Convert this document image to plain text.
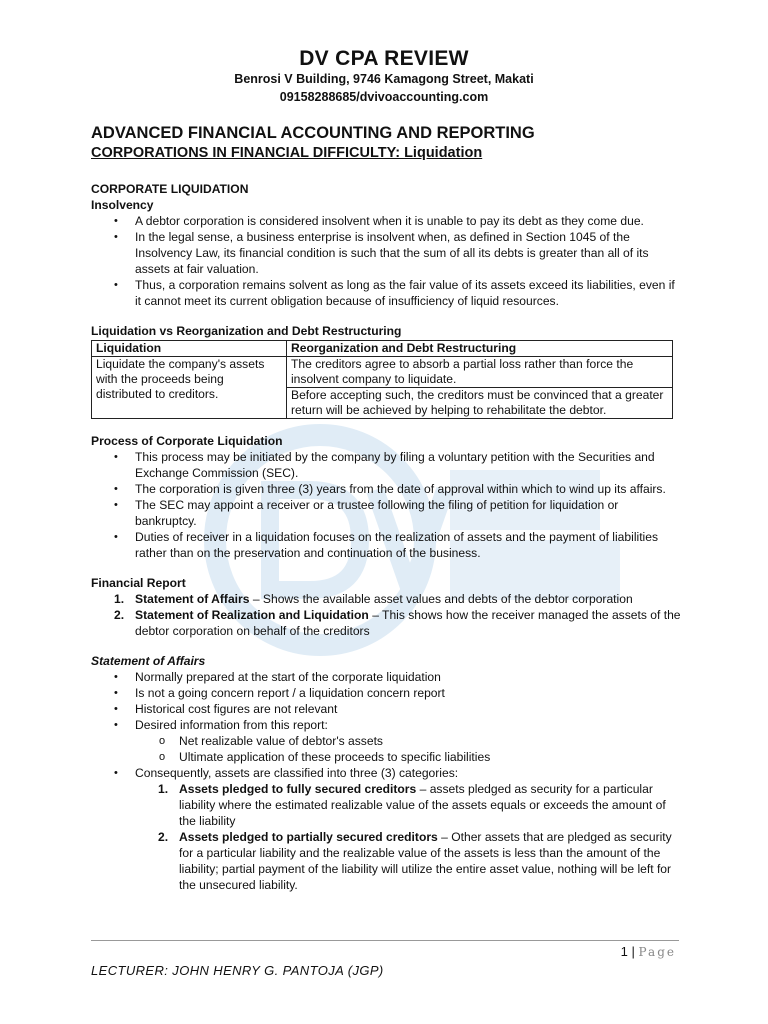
DV CPA REVIEW
Benrosi V Building, 9746 Kamagong Street, Makati
09158288685/dvivoaccounting.com
ADVANCED FINANCIAL ACCOUNTING AND REPORTING
CORPORATIONS IN FINANCIAL DIFFICULTY: Liquidation

CORPORATE LIQUIDATION

Insolvency

• A debtor corporation is considered insolvent when it is unable to pay its debt as they come due.
• In the legal sense, a business enterprise is insolvent when, as defined in Section 1045 of the Insolvency Law, its financial condition is such that the sum of all its debts is greater than all of its assets at fair valuation.
• Thus, a corporation remains solvent as long as the fair value of its assets exceed its liabilities, even if it cannot meet its current obligation because of insufficiency of liquid resources.

Liquidation vs Reorganization and Debt Restructuring

Liquidation	Reorganization and Debt Restructuring
Liquidate the company's assets with the proceeds being distributed to creditors.	The creditors agree to absorb a partial loss rather than force the insolvent company to liquidate.
	Before accepting such, the creditors must be convinced that a greater return will be achieved by helping to rehabilitate the debtor.

Process of Corporate Liquidation

• This process may be initiated by the company by filing a voluntary petition with the Securities and Exchange Commission (SEC).
• The corporation is given three (3) years from the date of approval within which to wind up its affairs.
• The SEC may appoint a receiver or a trustee following the filing of petition for liquidation or bankruptcy.
• Duties of receiver in a liquidation focuses on the realization of assets and the payment of liabilities rather than on the preservation and continuation of the business.

Financial Report

1. Statement of Affairs – Shows the available asset values and debts of the debtor corporation
2. Statement of Realization and Liquidation – This shows how the receiver managed the assets of the debtor corporation on behalf of the creditors

Statement of Affairs

• Normally prepared at the start of the corporate liquidation
• Is not a going concern report / a liquidation concern report
• Historical cost figures are not relevant
• Desired information from this report:
o Net realizable value of debtor's assets
o Ultimate application of these proceeds to specific liabilities
• Consequently, assets are classified into three (3) categories:
1. Assets pledged to fully secured creditors – assets pledged as security for a particular liability where the estimated realizable value of the assets equals or exceeds the amount of the liability
2. Assets pledged to partially secured creditors – Other assets that are pledged as security for a particular liability and the realizable value of the assets is less than the amount of the liability; partial payment of the liability will utilize the entire asset value, nothing will be left for the unsecured liability.
1 | Page
LECTURER: JOHN HENRY G. PANTOJA (JGP)
